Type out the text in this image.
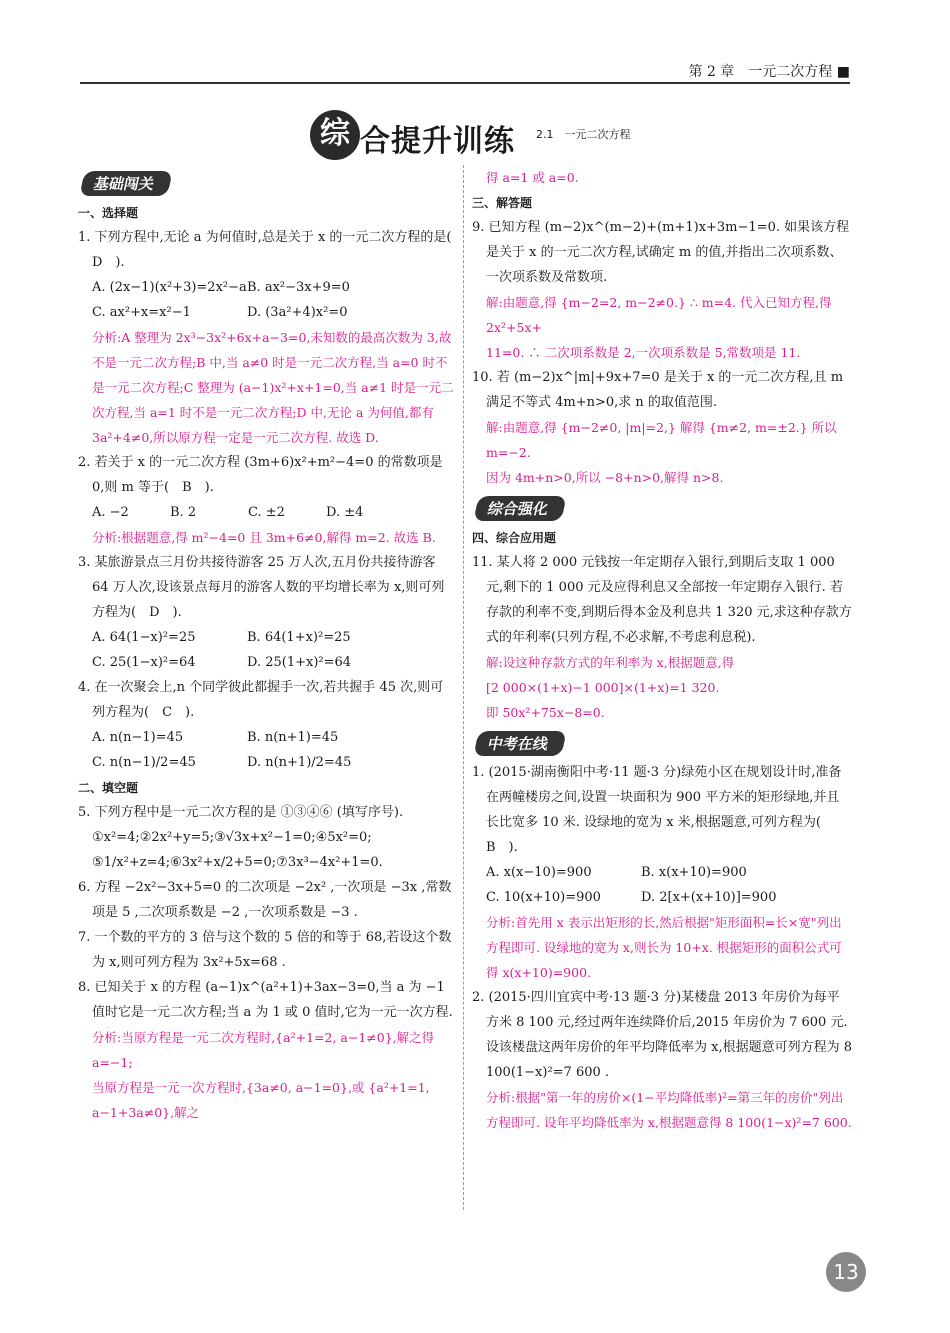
第 2 章　一元二次方程 ■
综 合提升训练 2.1　一元二次方程
基础闯关
一、选择题

1. 下列方程中,无论 a 为何值时,总是关于 x 的一元二次方程的是(　D　).

A. (2x−1)(x²+3)=2x²−a B. ax²−3x+9=0
C. ax²+x=x²−1	D. (3a²+4)x²=0

分析:A 整理为 2x³−3x²+6x+a−3=0,未知数的最高次数为 3,故不是一元二次方程;B 中,当 a≠0 时是一元二次方程,当 a=0 时不是一元二次方程;C 整理为 (a−1)x²+x+1=0,当 a≠1 时是一元二次方程,当 a=1 时不是一元二次方程;D 中,无论 a 为何值,都有 3a²+4≠0,所以原方程一定是一元二次方程. 故选 D.

2. 若关于 x 的一元二次方程 (3m+6)x²+m²−4=0 的常数项是 0,则 m 等于(　B　).

A. −2	B. 2	C. ±2	D. ±4

分析:根据题意,得 m²−4=0 且 3m+6≠0,解得 m=2. 故选 B.

3. 某旅游景点三月份共接待游客 25 万人次,五月份共接待游客 64 万人次,设该景点每月的游客人数的平均增长率为 x,则可列方程为(　D　).

A. 64(1−x)²=25	B. 64(1+x)²=25
C. 25(1−x)²=64	D. 25(1+x)²=64

4. 在一次聚会上,n 个同学彼此都握手一次,若共握手 45 次,则可列方程为(　C　).

A. n(n−1)=45	B. n(n+1)=45
C. n(n−1)/2=45	D. n(n+1)/2=45
二、填空题

5. 下列方程中是一元二次方程的是 ①③④⑥ (填写序号).

①x²=4;②2x²+y=5;③√3x+x²−1=0;④5x²=0;

⑤1/x²+z=4;⑥3x²+x/2+5=0;⑦3x³−4x²+1=0.

6. 方程 −2x²−3x+5=0 的二次项是 −2x² ,一次项是 −3x ,常数项是 5 ,二次项系数是 −2 ,一次项系数是 −3 .

7. 一个数的平方的 3 倍与这个数的 5 倍的和等于 68,若设这个数为 x,则可列方程为 3x²+5x=68 .

8. 已知关于 x 的方程 (a−1)x^(a²+1)+3ax−3=0,当 a 为 −1 值时它是一元二次方程;当 a 为 1 或 0 值时,它为一元一次方程.

分析:当原方程是一元二次方程时,{a²+1=2, a−1≠0},解之得 a=−1;

当原方程是一元一次方程时,{3a≠0, a−1=0},或 {a²+1=1, a−1+3a≠0},解之

得 a=1 或 a=0.

三、解答题

9. 已知方程 (m−2)x^(m−2)+(m+1)x+3m−1=0. 如果该方程是关于 x 的一元二次方程,试确定 m 的值,并指出二次项系数、一次项系数及常数项.

解:由题意,得 {m−2=2, m−2≠0.} ∴ m=4. 代入已知方程,得 2x²+5x+

11=0. ∴ 二次项系数是 2,一次项系数是 5,常数项是 11.

10. 若 (m−2)x^|m|+9x+7=0 是关于 x 的一元二次方程,且 m 满足不等式 4m+n>0,求 n 的取值范围.

解:由题意,得 {m−2≠0, |m|=2,} 解得 {m≠2, m=±2.} 所以 m=−2.

因为 4m+n>0,所以 −8+n>0,解得 n>8.

综合强化
四、综合应用题

11. 某人将 2 000 元钱按一年定期存入银行,到期后支取 1 000 元,剩下的 1 000 元及应得利息又全部按一年定期存入银行. 若存款的利率不变,到期后得本金及利息共 1 320 元,求这种存款方式的年利率(只列方程,不必求解,不考虑利息税).

解:设这种存款方式的年利率为 x,根据题意,得

[2 000×(1+x)−1 000]×(1+x)=1 320.

即 50x²+75x−8=0.

中考在线

1. (2015·湖南衡阳中考·11 题·3 分)绿苑小区在规划设计时,准备在两幢楼房之间,设置一块面积为 900 平方米的矩形绿地,并且长比宽多 10 米. 设绿地的宽为 x 米,根据题意,可列方程为(　B　).

A. x(x−10)=900	B. x(x+10)=900
C. 10(x+10)=900	D. 2[x+(x+10)]=900

分析:首先用 x 表示出矩形的长,然后根据"矩形面积=长×宽"列出方程即可. 设绿地的宽为 x,则长为 10+x. 根据矩形的面积公式可得 x(x+10)=900.

2. (2015·四川宜宾中考·13 题·3 分)某楼盘 2013 年房价为每平方米 8 100 元,经过两年连续降价后,2015 年房价为 7 600 元. 设该楼盘这两年房价的年平均降低率为 x,根据题意可列方程为 8 100(1−x)²=7 600 .

分析:根据"第一年的房价×(1−平均降低率)²=第三年的房价"列出方程即可. 设年平均降低率为 x,根据题意得 8 100(1−x)²=7 600.

13
